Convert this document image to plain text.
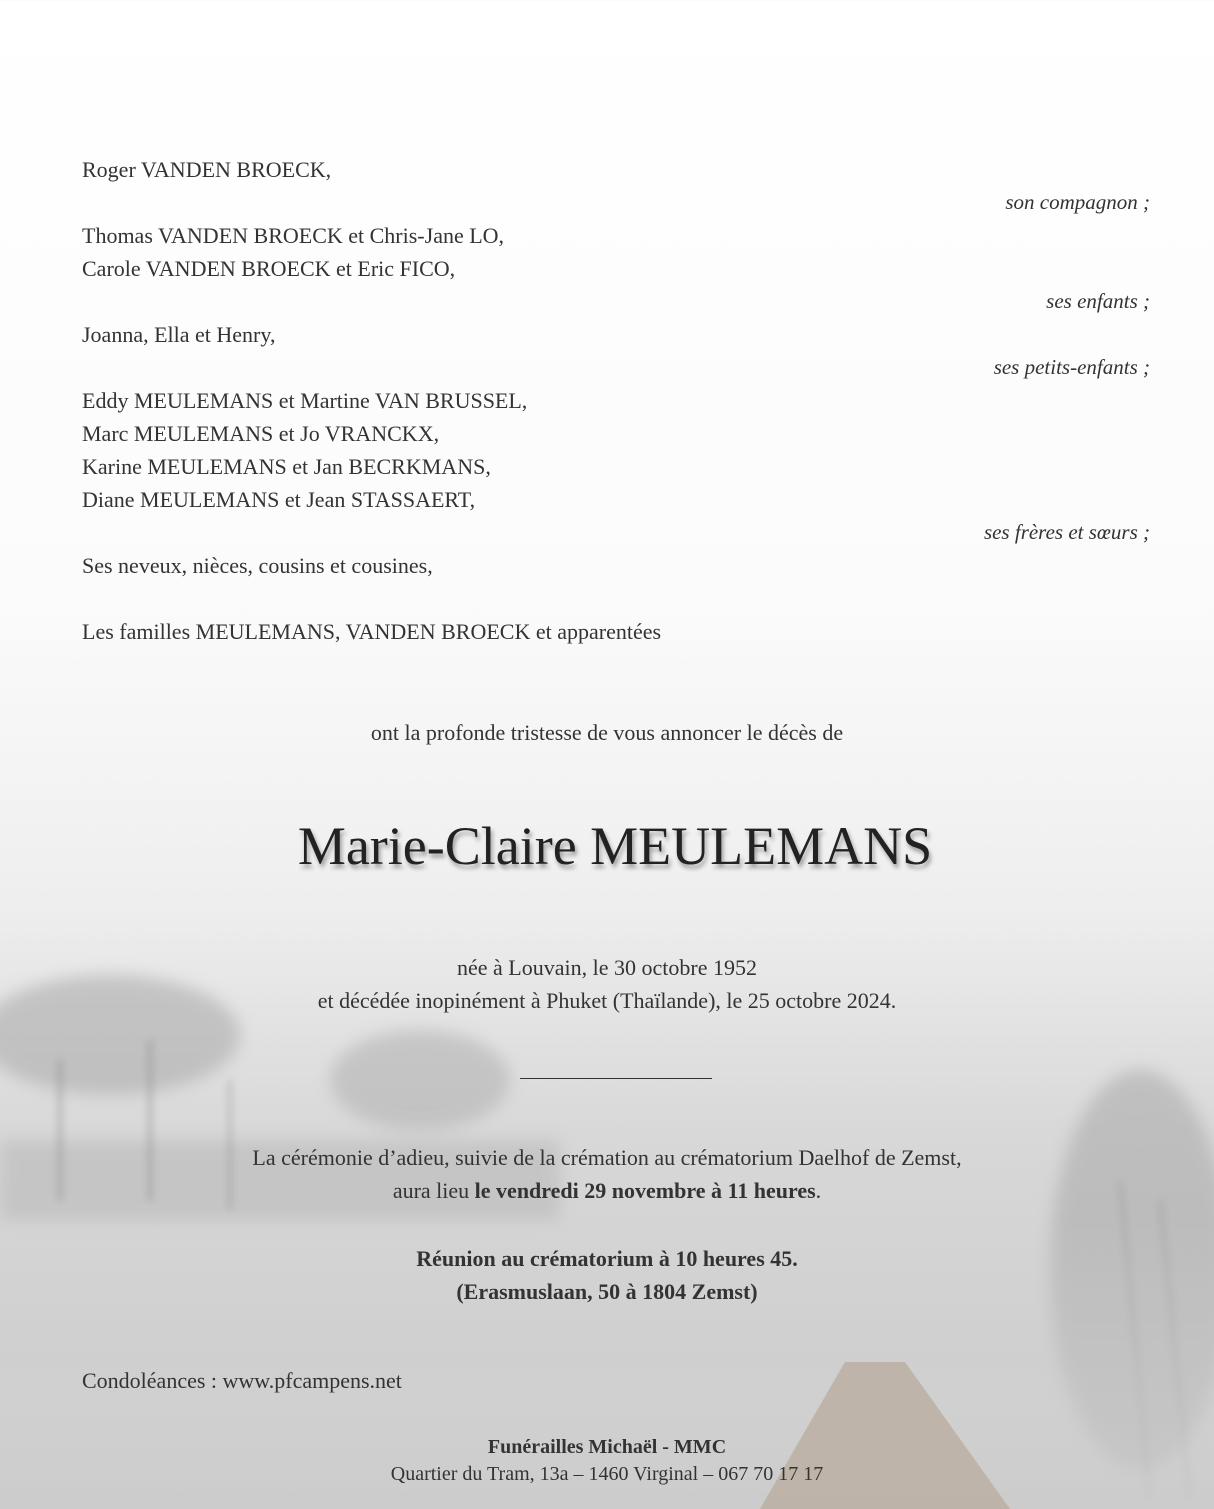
Roger VANDEN BROECK,
son compagnon ;
Thomas VANDEN BROECK et Chris-Jane LO,
Carole VANDEN BROECK et Eric FICO,
ses enfants ;
Joanna, Ella et Henry,
ses petits-enfants ;
Eddy MEULEMANS et Martine VAN BRUSSEL,
Marc MEULEMANS et Jo VRANCKX,
Karine MEULEMANS et Jan BECRKMANS,
Diane MEULEMANS et Jean STASSAERT,
ses frères et sœurs ;
Ses neveux, nièces, cousins et cousines,
Les familles MEULEMANS, VANDEN BROECK et apparentées
ont la profonde tristesse de vous annoncer le décès de
Marie-Claire MEULEMANS
née à Louvain, le 30 octobre 1952
et décédée inopinément à Phuket (Thaïlande), le 25 octobre 2024.
La cérémonie d’adieu, suivie de la crémation au crématorium Daelhof de Zemst,
aura lieu le vendredi 29 novembre à 11 heures.
Réunion au crématorium à 10 heures 45.
(Erasmuslaan, 50 à 1804 Zemst)
Condoléances : www.pfcampens.net
Funérailles Michaël - MMC
Quartier du Tram, 13a – 1460 Virginal – 067 70 17 17
